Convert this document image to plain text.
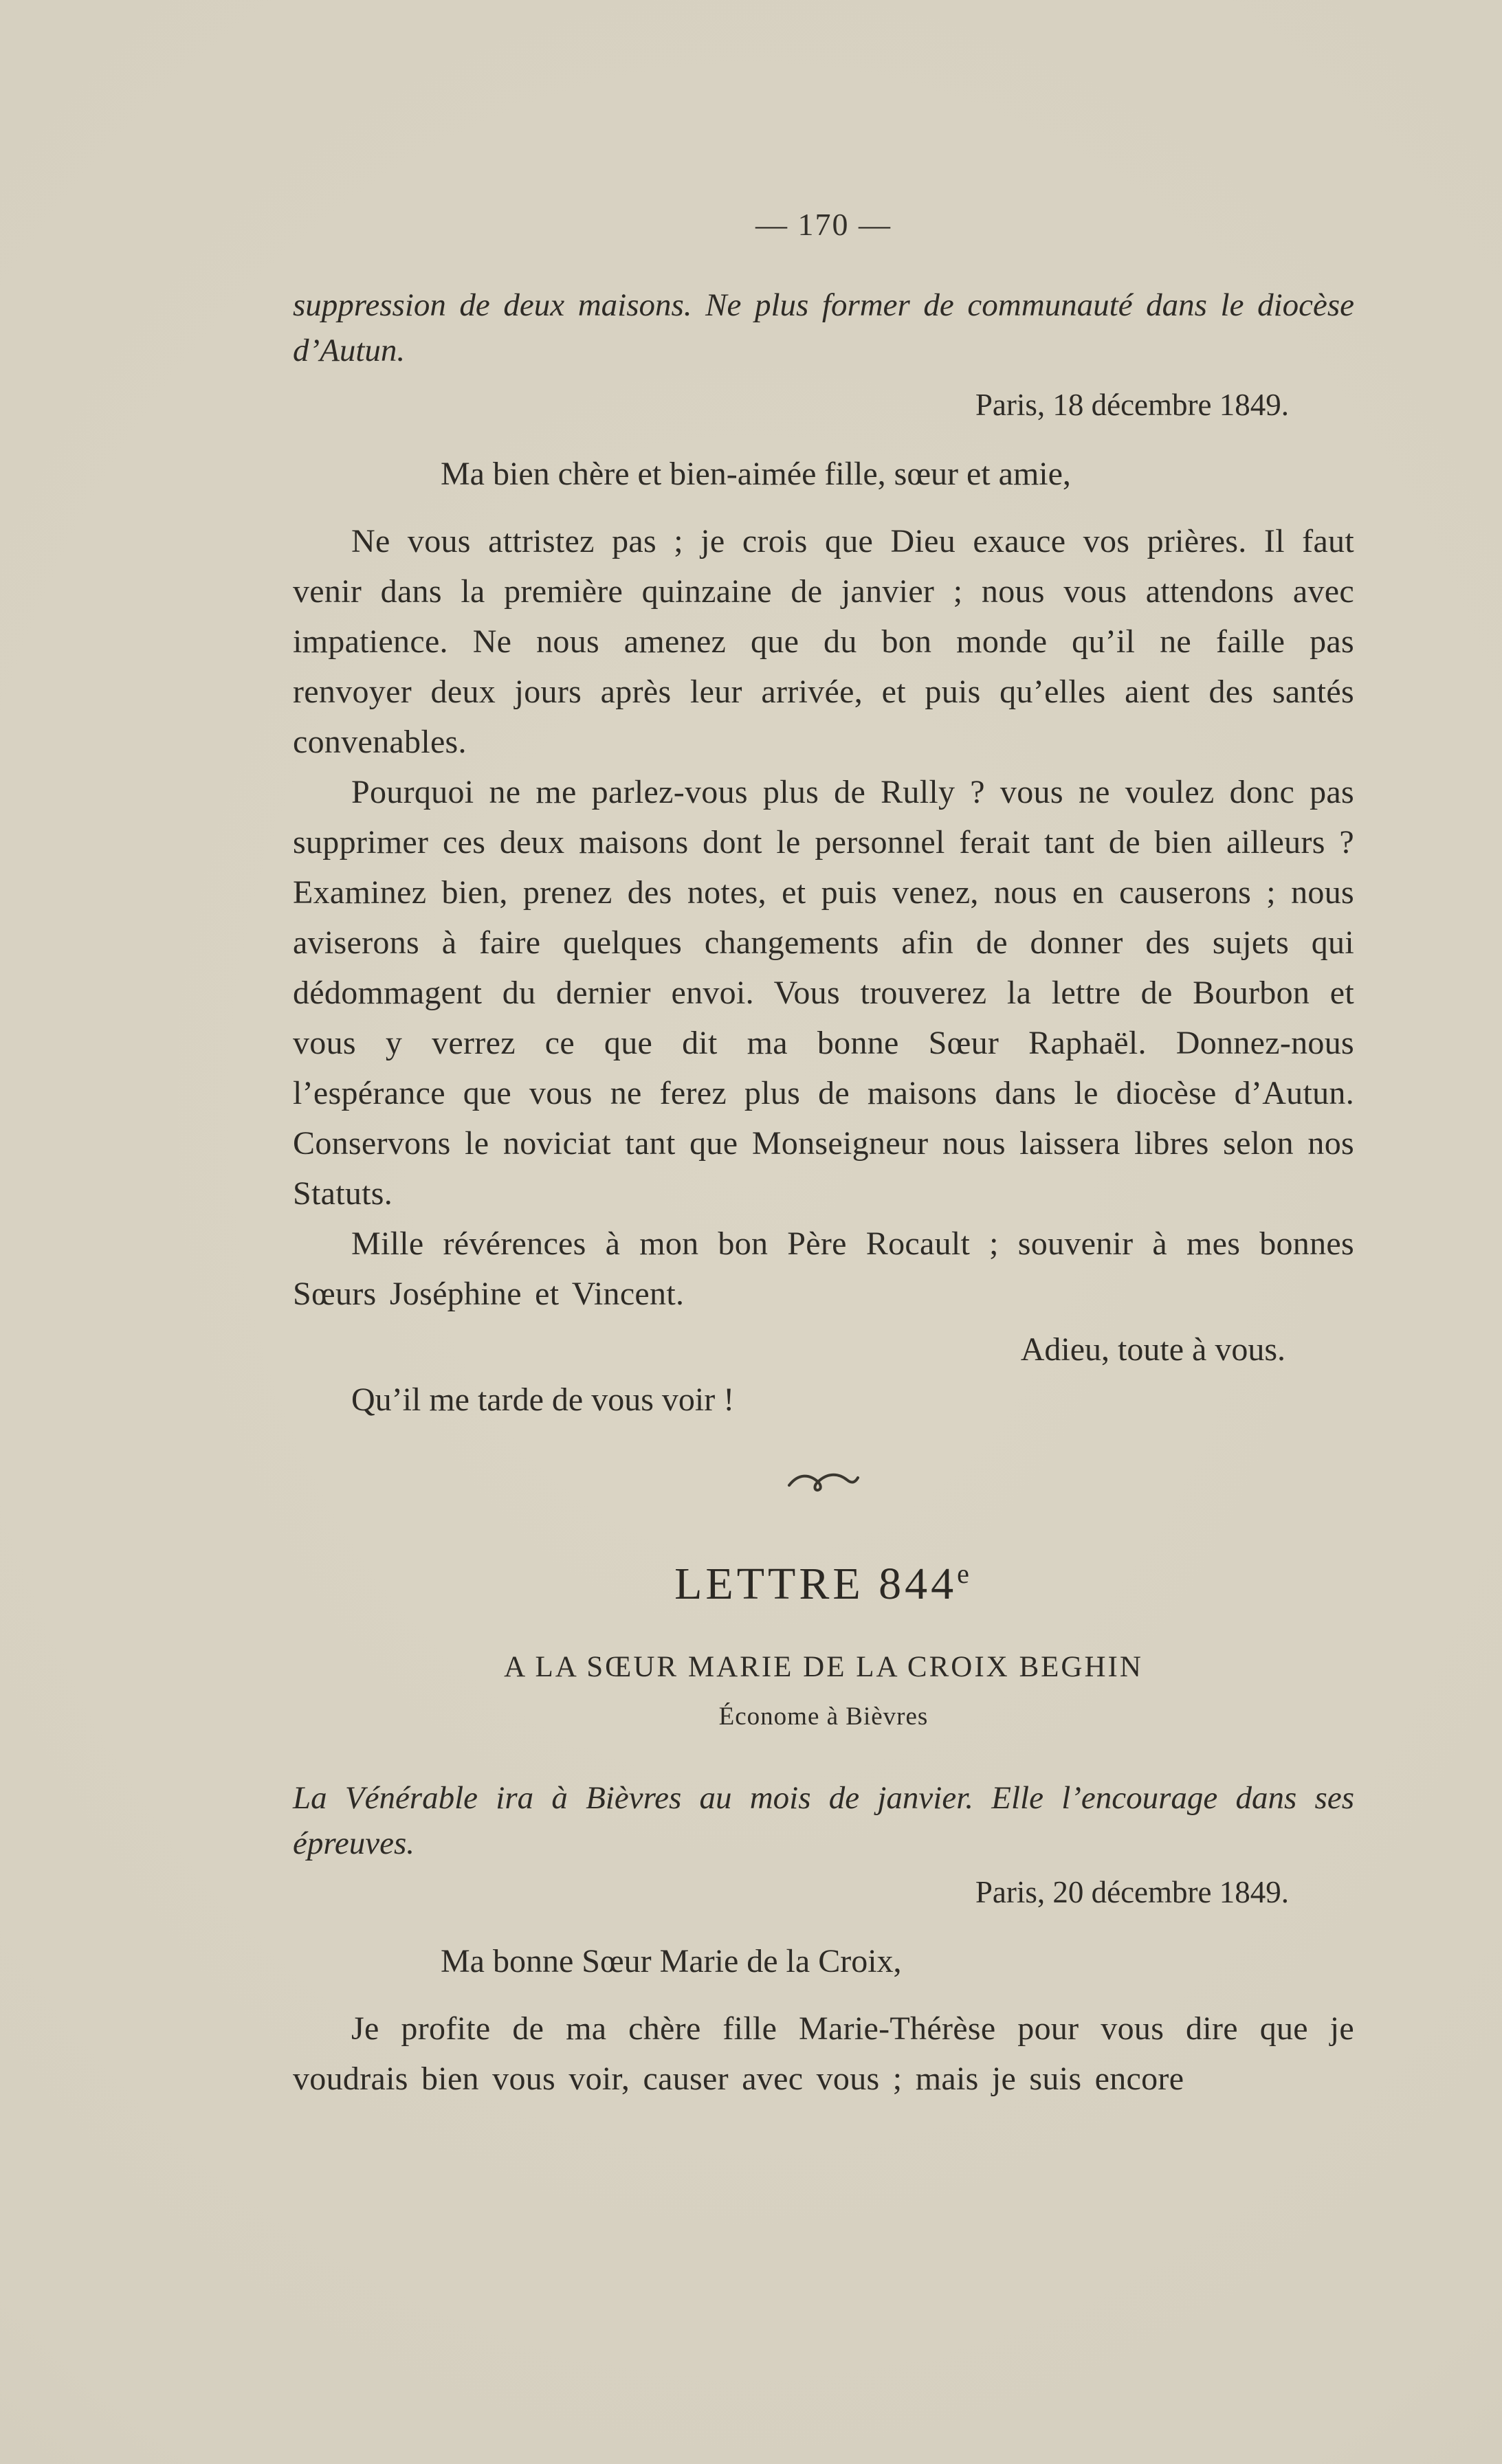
— 170 —
suppression de deux maisons. Ne plus former de communauté dans le diocèse d’Autun.
Paris, 18 décembre 1849.
Ma bien chère et bien-aimée fille, sœur et amie,

Ne vous attristez pas ; je crois que Dieu exauce vos prières. Il faut venir dans la première quinzaine de janvier ; nous vous attendons avec impatience. Ne nous amenez que du bon monde qu’il ne faille pas renvoyer deux jours après leur arrivée, et puis qu’elles aient des santés convenables.

Pourquoi ne me parlez-vous plus de Rully ? vous ne voulez donc pas supprimer ces deux maisons dont le personnel ferait tant de bien ailleurs ? Examinez bien, prenez des notes, et puis venez, nous en causerons ; nous aviserons à faire quelques changements afin de donner des sujets qui dédommagent du dernier envoi. Vous trouverez la lettre de Bourbon et vous y verrez ce que dit ma bonne Sœur Raphaël. Donnez-nous l’espérance que vous ne ferez plus de maisons dans le diocèse d’Autun. Conservons le noviciat tant que Monseigneur nous laissera libres selon nos Statuts.

Mille révérences à mon bon Père Rocault ; souvenir à mes bonnes Sœurs Joséphine et Vincent.

Adieu, toute à vous.
Qu’il me tarde de vous voir !
LETTRE 844e
A LA SŒUR MARIE DE LA CROIX BEGHIN
Économe à Bièvres
La Vénérable ira à Bièvres au mois de janvier. Elle l’encourage dans ses épreuves.
Paris, 20 décembre 1849.
Ma bonne Sœur Marie de la Croix,

Je profite de ma chère fille Marie-Thérèse pour vous dire que je voudrais bien vous voir, causer avec vous ; mais je suis encore
